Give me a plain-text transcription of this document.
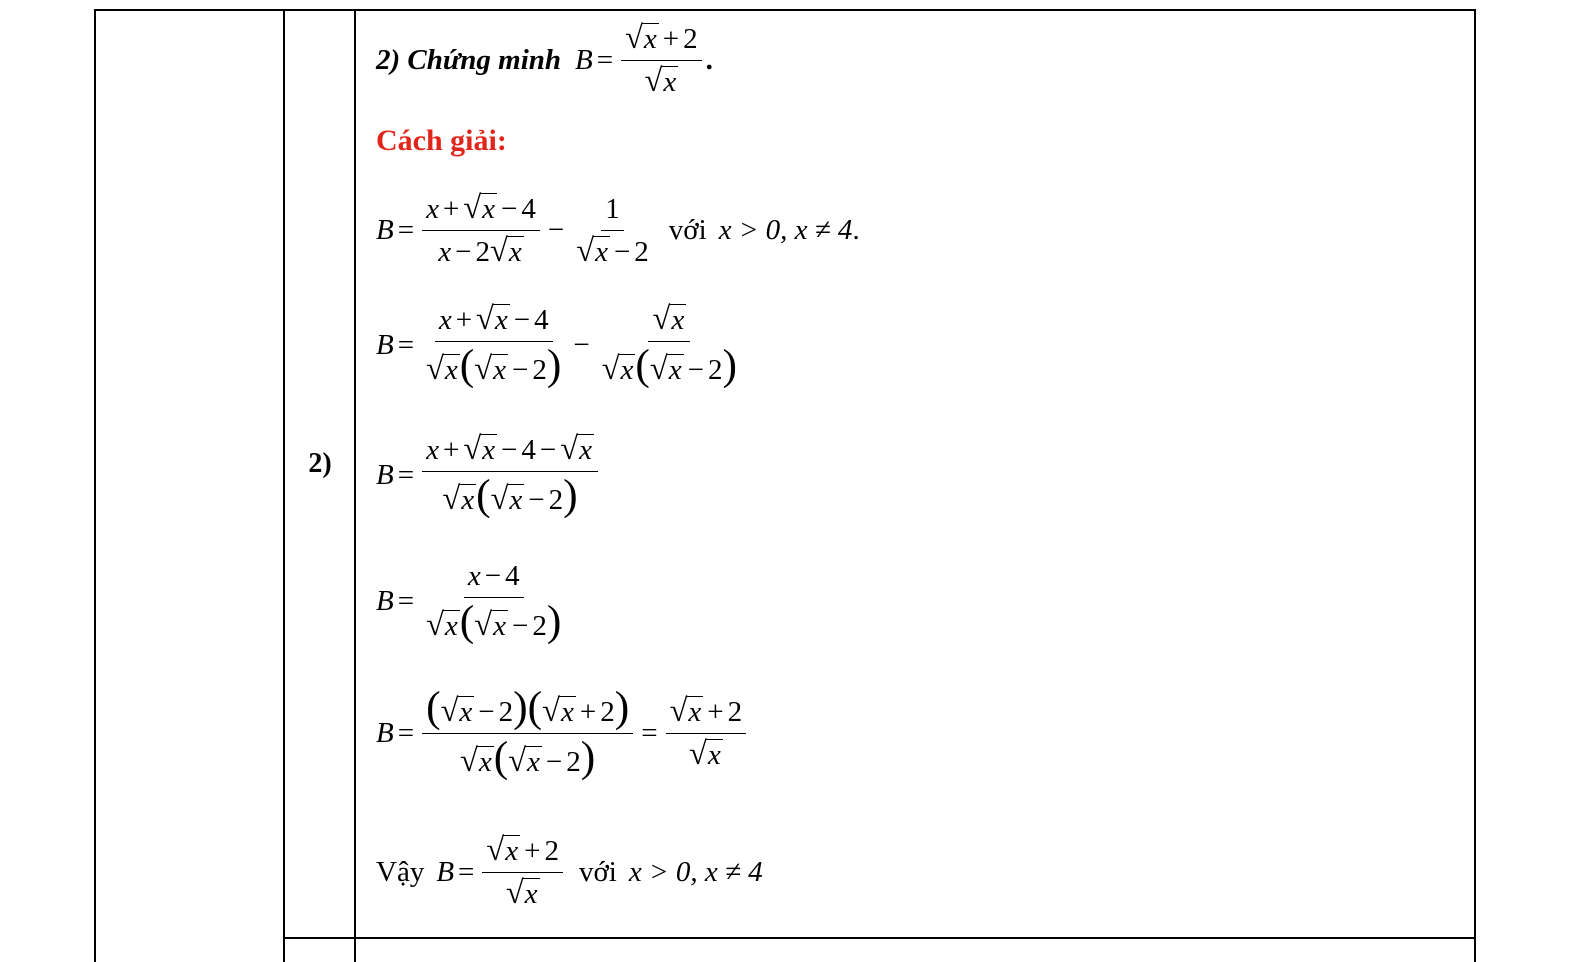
2)
2) Chứng minh $B = \frac{√ x + 2}{√ x}$ .
Cách giải:
$B = \frac{x + √ x - 4}{x - 2 √ x} - \frac{1}{√ x - 2}$ với x > 0, x ≠ 4 .
$B = \frac{x + √ x - 4}{√ x ( √ x - 2)} - \frac{√ x}{√ x ( √ x - 2)}$
$B = \frac{x + √ x - 4 - √ x}{√ x ( √ x - 2)}$
$B = \frac{x - 4}{√ x ( √ x - 2)}$
$B = \frac{( √ x - 2)( √ x + 2)}{√ x ( √ x - 2)} = \frac{√ x + 2}{√ x}$
Vậy $B = \frac{√ x + 2}{√ x}$ với x > 0, x ≠ 4
